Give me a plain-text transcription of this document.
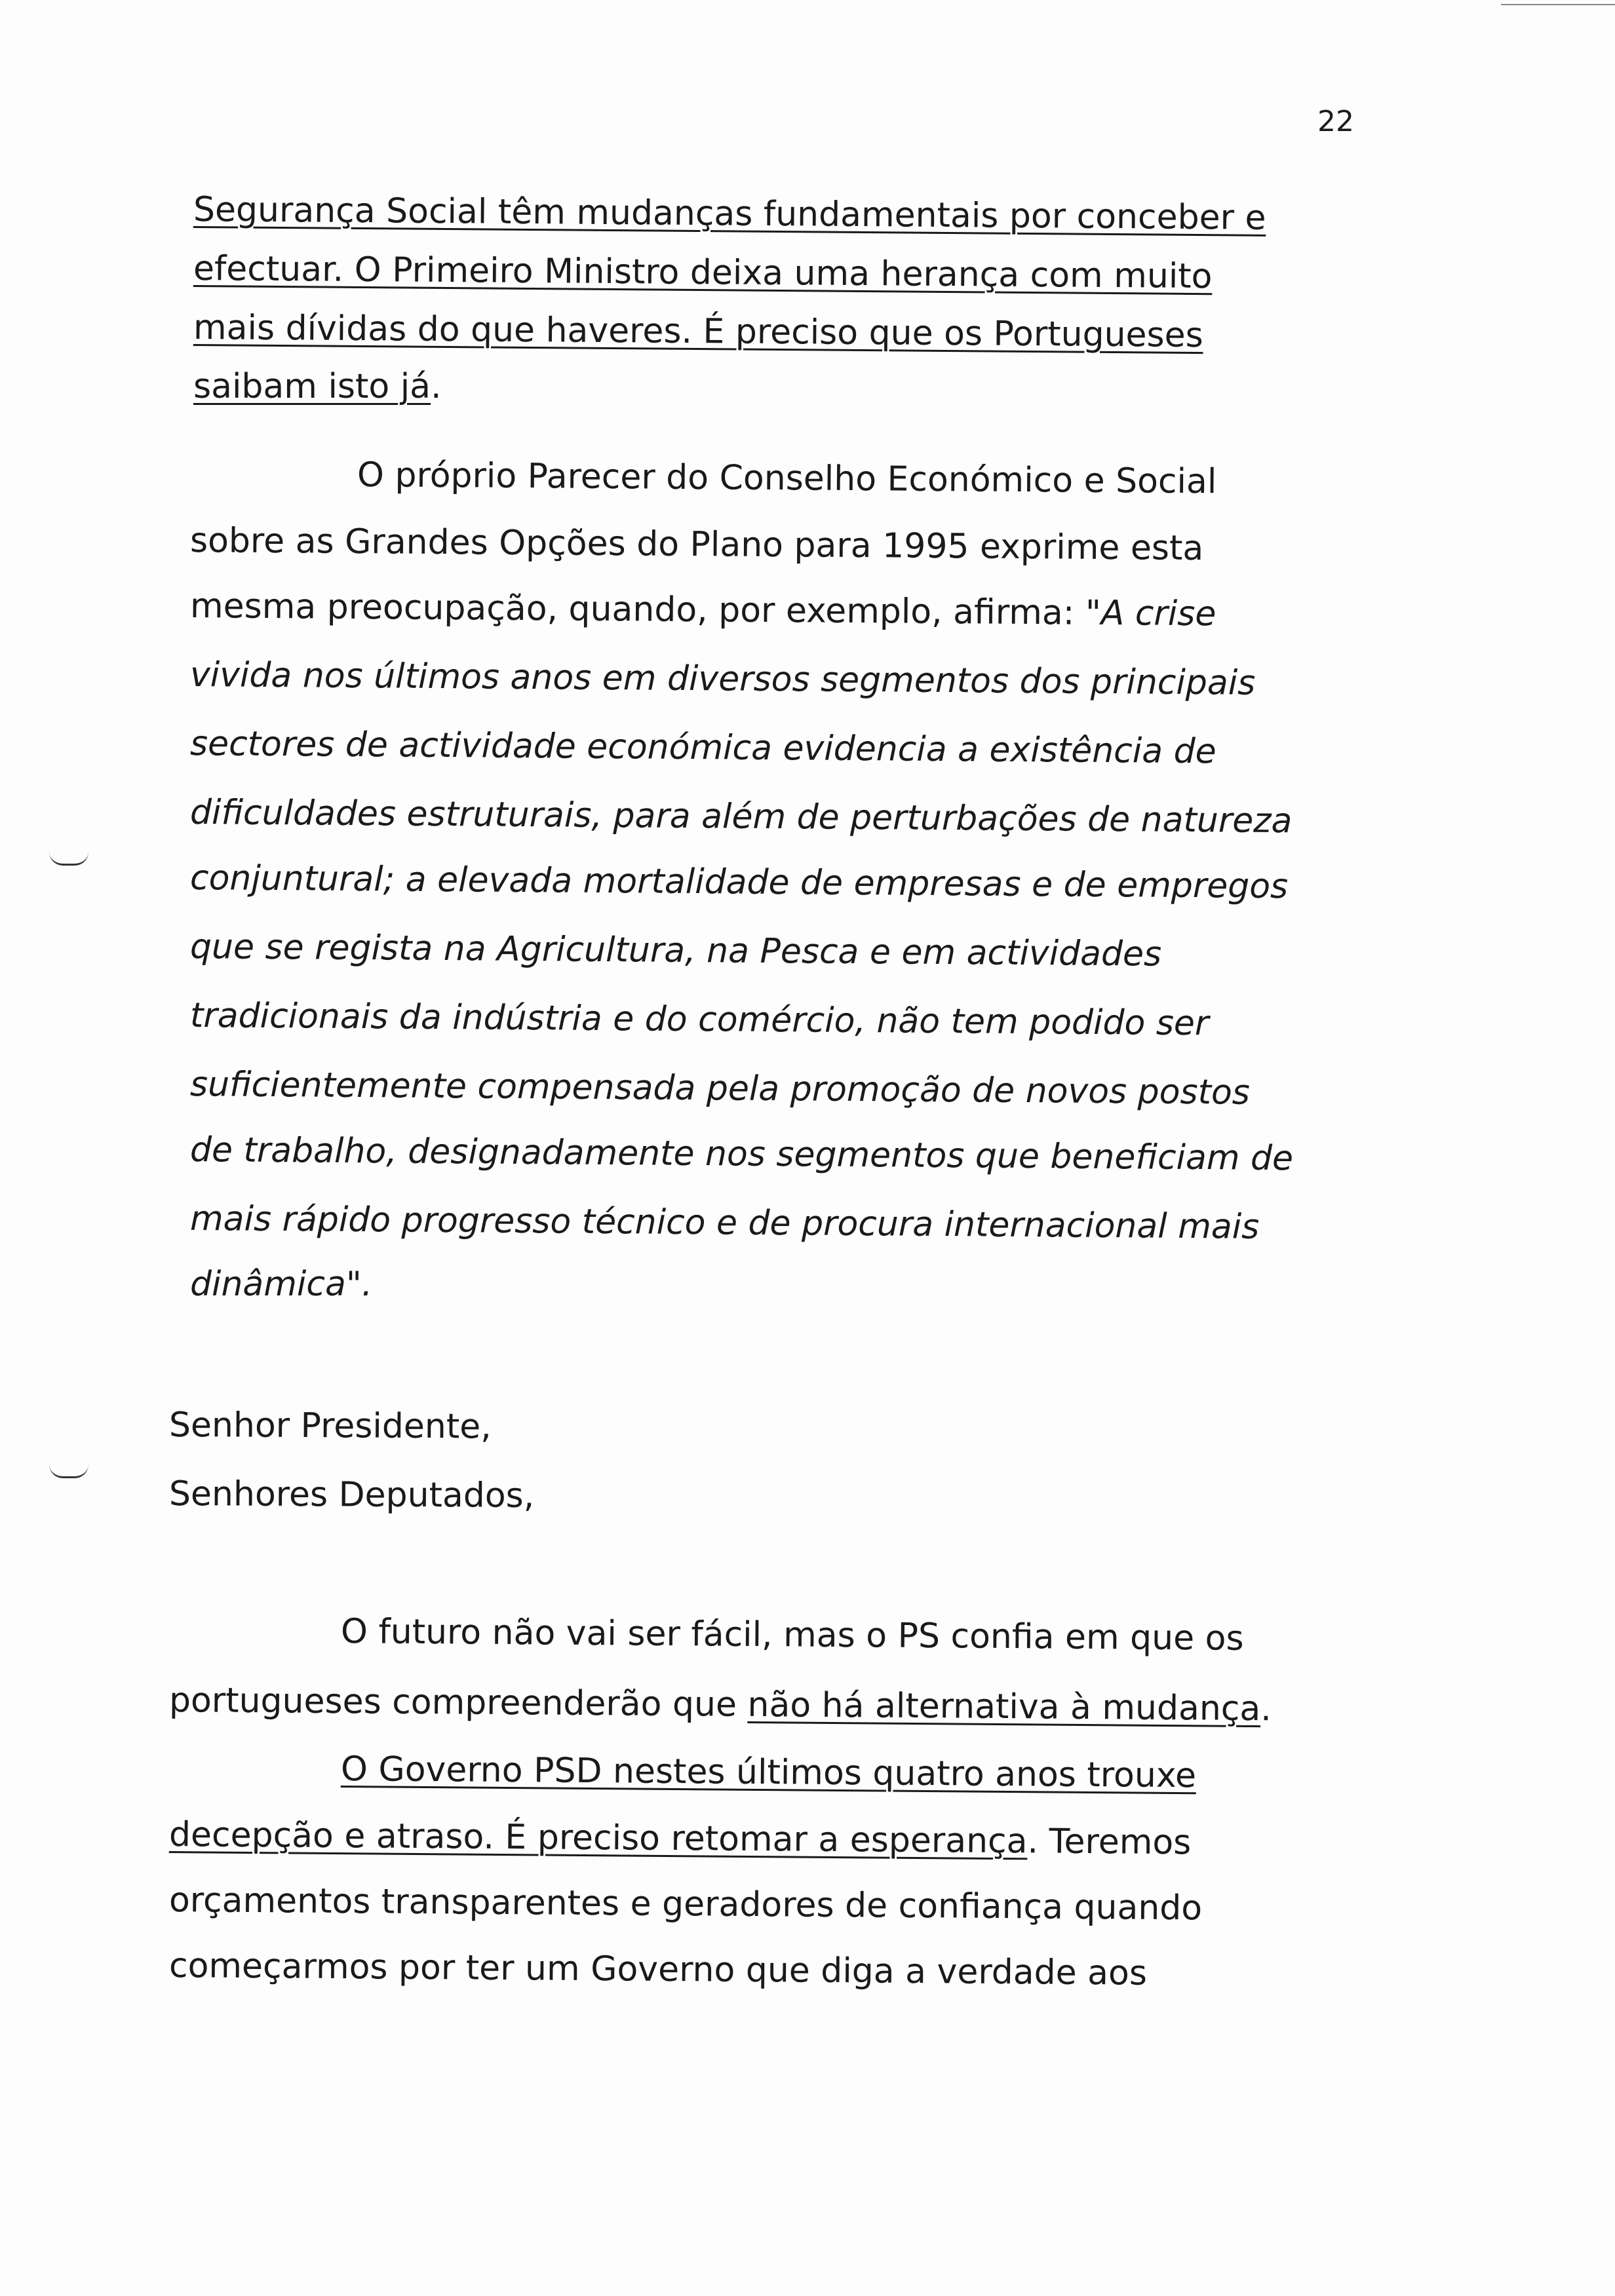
22
Segurança Social têm mudanças fundamentais por conceber e
efectuar. O Primeiro Ministro deixa uma herança com muito
mais dívidas do que haveres. É preciso que os Portugueses
saibam isto já.
O próprio Parecer do Conselho Económico e Social
sobre as Grandes Opções do Plano para 1995 exprime esta
mesma preocupação, quando, por exemplo, afirma: "A crise
vivida nos últimos anos em diversos segmentos dos principais
sectores de actividade económica evidencia a existência de
dificuldades estruturais, para além de perturbações de natureza
conjuntural; a elevada mortalidade de empresas e de empregos
que se regista na Agricultura, na Pesca e em actividades
tradicionais da indústria e do comércio, não tem podido ser
suficientemente compensada pela promoção de novos postos
de trabalho, designadamente nos segmentos que beneficiam de
mais rápido progresso técnico e de procura internacional mais
dinâmica".
Senhor Presidente,
Senhores Deputados,
O futuro não vai ser fácil, mas o PS confia em que os
portugueses compreenderão que não há alternativa à mudança.
O Governo PSD nestes últimos quatro anos trouxe
decepção e atraso. É preciso retomar a esperança. Teremos
orçamentos transparentes e geradores de confiança quando
começarmos por ter um Governo que diga a verdade aos
